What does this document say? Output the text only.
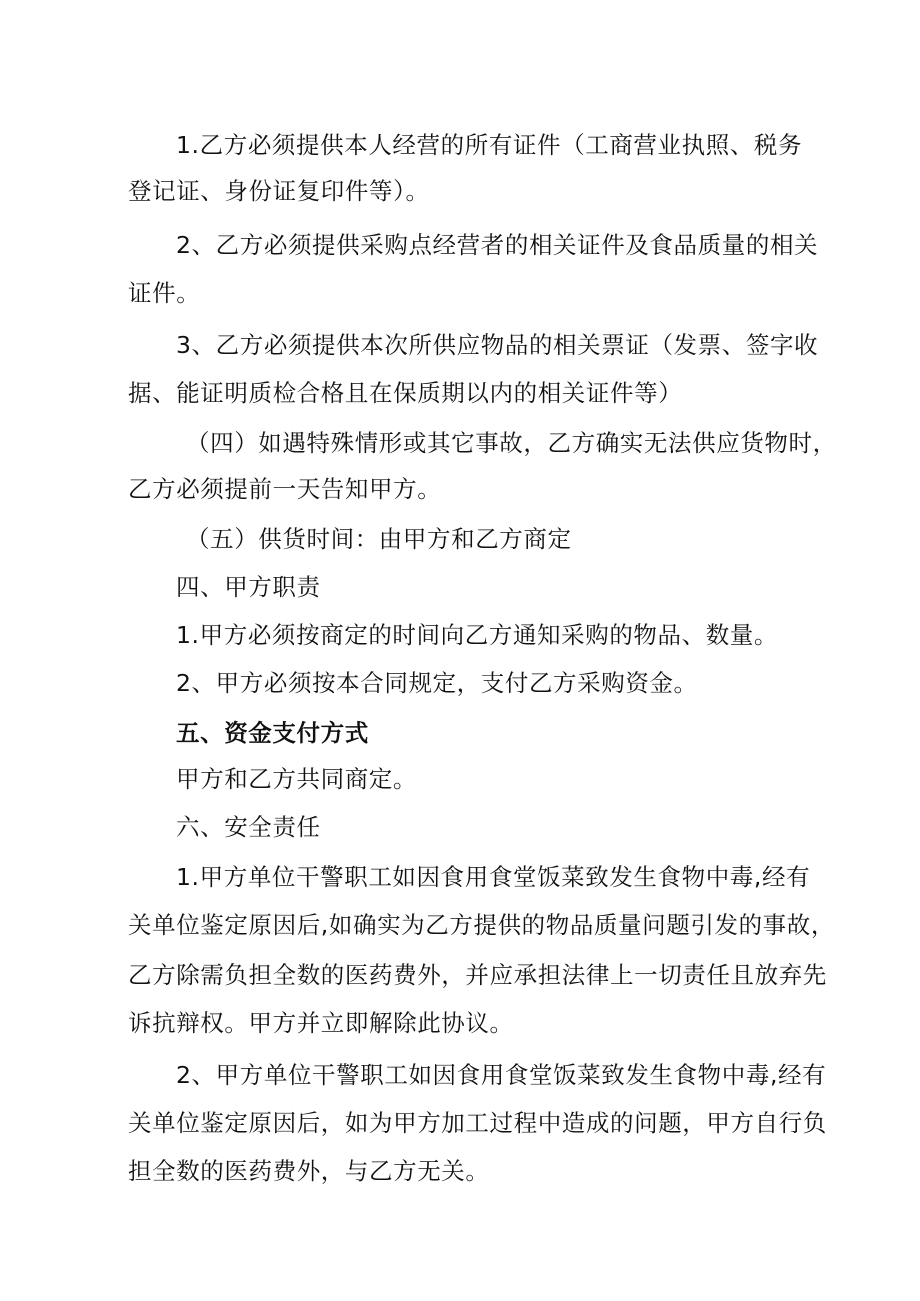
1.乙方必须提供本人经营的所有证件（工商营业执照、税务
登记证、身份证复印件等）。
2、乙方必须提供采购点经营者的相关证件及食品质量的相关
证件。
3、乙方必须提供本次所供应物品的相关票证（发票、签字收
据、能证明质检合格且在保质期以内的相关证件等）
（四）如遇特殊情形或其它事故，乙方确实无法供应货物时，
乙方必须提前一天告知甲方。
（五）供货时间：由甲方和乙方商定
四、甲方职责
1.甲方必须按商定的时间向乙方通知采购的物品、数量。
2、甲方必须按本合同规定，支付乙方采购资金。
五、资金支付方式
甲方和乙方共同商定。
六、安全责任
1.甲方单位干警职工如因食用食堂饭菜致发生食物中毒,经有
关单位鉴定原因后,如确实为乙方提供的物品质量问题引发的事故，
乙方除需负担全数的医药费外，并应承担法律上一切责任且放弃先
诉抗辩权。甲方并立即解除此协议。
2、甲方单位干警职工如因食用食堂饭菜致发生食物中毒,经有
关单位鉴定原因后，如为甲方加工过程中造成的问题，甲方自行负
担全数的医药费外，与乙方无关。
